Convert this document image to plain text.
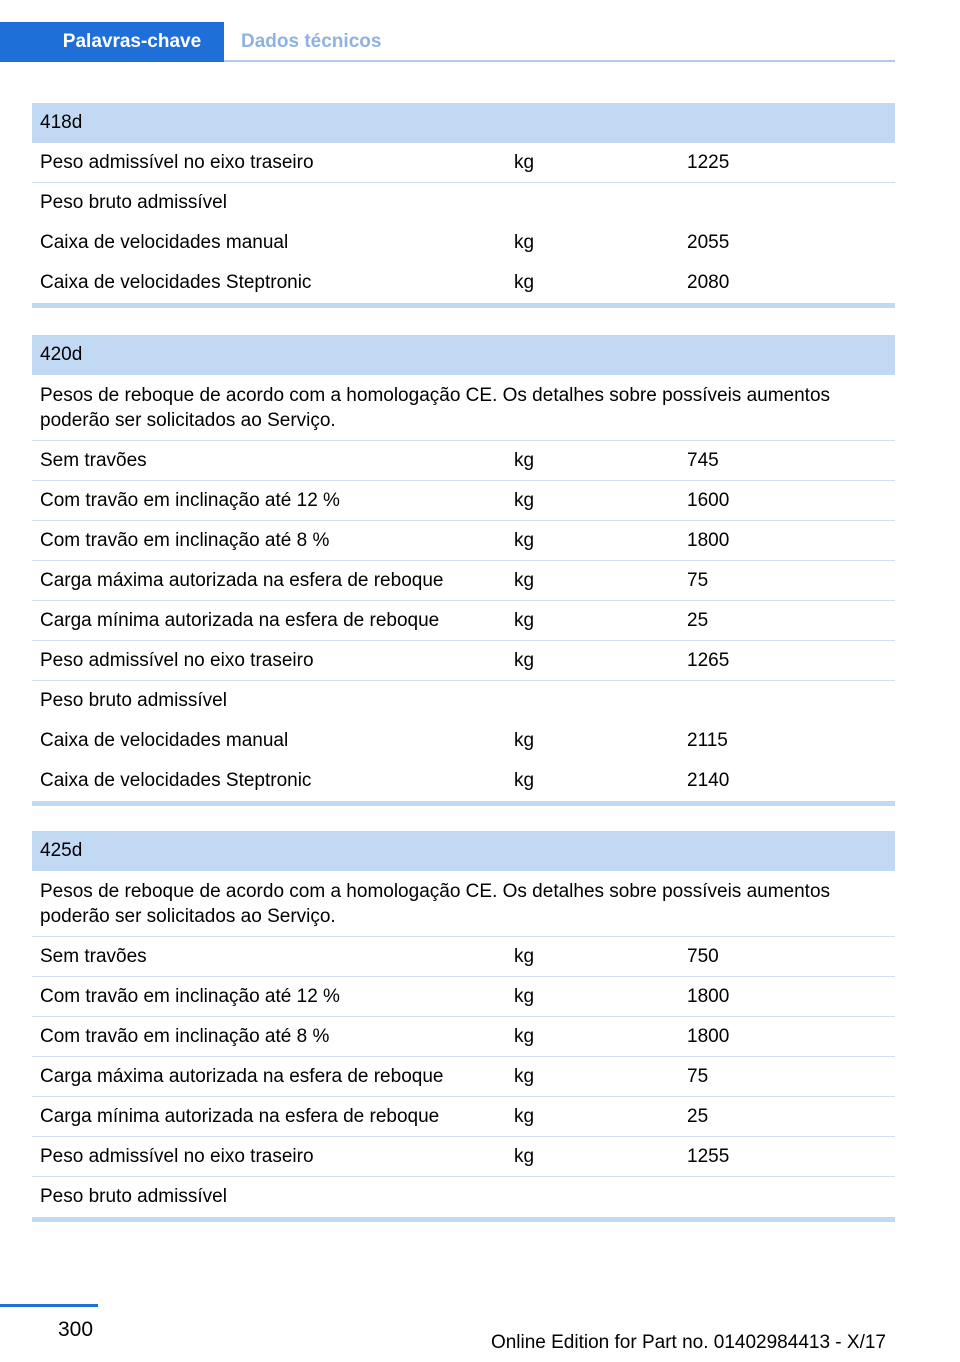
Palavras-chave	Dados técnicos
418d
Peso admissível no eixo traseiro	kg	1225
Peso bruto admissível
Caixa de velocidades manual	kg	2055
Caixa de velocidades Steptronic	kg	2080
420d
Pesos de reboque de acordo com a homologação CE. Os detalhes sobre possíveis aumentos poderão ser solicitados ao Serviço.
Sem travões	kg	745
Com travão em inclinação até 12 %	kg	1600
Com travão em inclinação até 8 %	kg	1800
Carga máxima autorizada na esfera de reboque	kg	75
Carga mínima autorizada na esfera de reboque	kg	25
Peso admissível no eixo traseiro	kg	1265
Peso bruto admissível
Caixa de velocidades manual	kg	2115
Caixa de velocidades Steptronic	kg	2140
425d
Pesos de reboque de acordo com a homologação CE. Os detalhes sobre possíveis aumentos poderão ser solicitados ao Serviço.
Sem travões	kg	750
Com travão em inclinação até 12 %	kg	1800
Com travão em inclinação até 8 %	kg	1800
Carga máxima autorizada na esfera de reboque	kg	75
Carga mínima autorizada na esfera de reboque	kg	25
Peso admissível no eixo traseiro	kg	1255
Peso bruto admissível
300
Online Edition for Part no. 01402984413 - X/17
